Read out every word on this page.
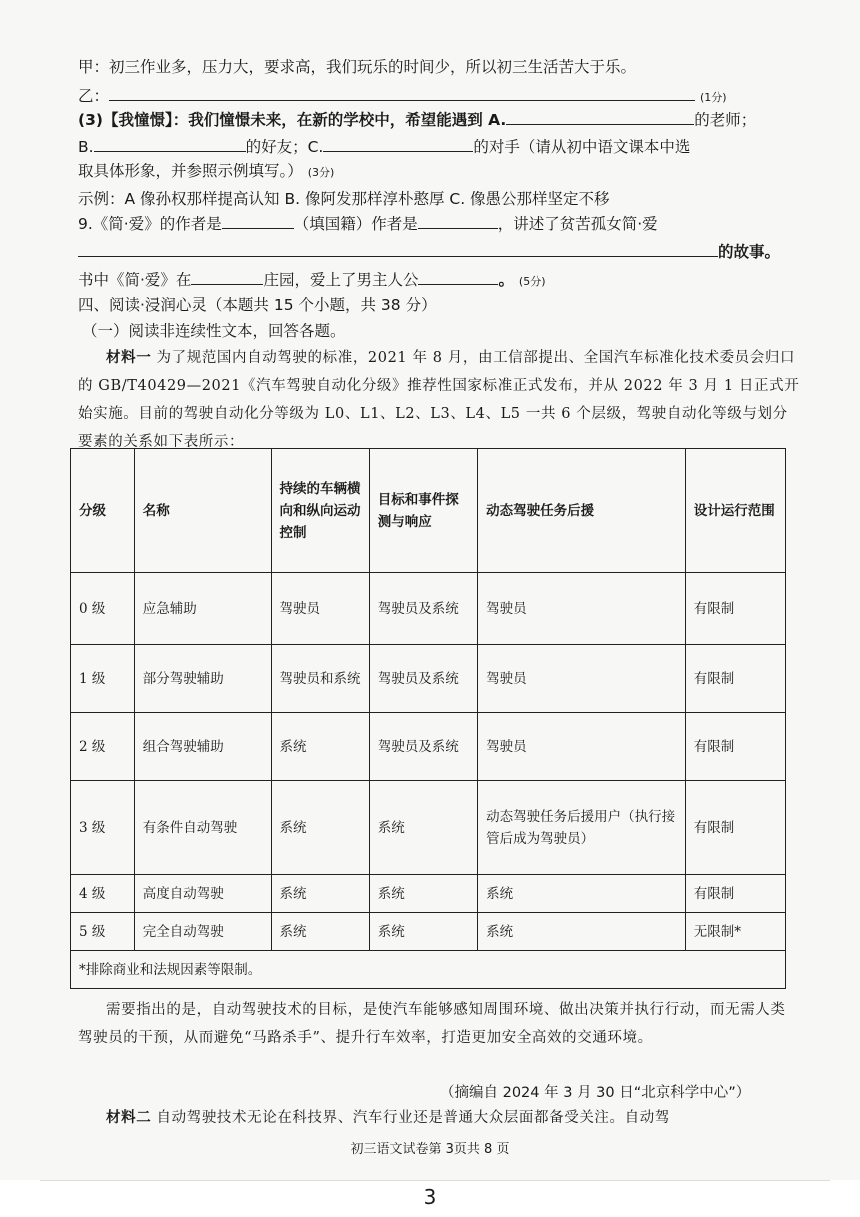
甲：初三作业多，压力大，要求高，我们玩乐的时间少，所以初三生活苦大于乐。
乙：	(1分)
(3)【我憧憬】：我们憧憬未来，在新的学校中，希望能遇到 A.	的老师；
B.	的好友；C.	的对手（请从初中语文课本中选
取具体形象，并参照示例填写。） (3分)
示例：A 像孙权那样提高认知 B. 像阿发那样淳朴憨厚 C. 像愚公那样坚定不移
9.《简·爱》的作者是	（填国籍）作者是	，讲述了贫苦孤女简·爱
的故事。
书中《简·爱》在	庄园，爱上了男主人公	。 (5分)
四、阅读·浸润心灵（本题共 15 个小题，共 38 分）
（一）阅读非连续性文本，回答各题。
材料一 为了规范国内自动驾驶的标准，2021 年 8 月，由工信部提出、全国汽车标准化技术委员会归口的 GB/T40429—2021《汽车驾驶自动化分级》推荐性国家标准正式发布，并从 2022 年 3 月 1 日正式开始实施。目前的驾驶自动化分等级为 L0、L1、L2、L3、L4、L5 一共 6 个层级，驾驶自动化等级与划分要素的关系如下表所示：
分级	名称	持续的车辆横向和纵向运动控制	目标和事件探测与响应	动态驾驶任务后援	设计运行范围
0 级	应急辅助	驾驶员	驾驶员及系统	驾驶员	有限制
1 级	部分驾驶辅助	驾驶员和系统	驾驶员及系统	驾驶员	有限制
2 级	组合驾驶辅助	系统	驾驶员及系统	驾驶员	有限制
3 级	有条件自动驾驶	系统	系统	动态驾驶任务后援用户（执行接管后成为驾驶员）	有限制
4 级	高度自动驾驶	系统	系统	系统	有限制
5 级	完全自动驾驶	系统	系统	系统	无限制*
*排除商业和法规因素等限制。					
需要指出的是，自动驾驶技术的目标，是使汽车能够感知周围环境、做出决策并执行行动，而无需人类驾驶员的干预，从而避免“马路杀手”、提升行车效率，打造更加安全高效的交通环境。
（摘编自 2024 年 3 月 30 日“北京科学中心”）
材料二 自动驾驶技术无论在科技界、汽车行业还是普通大众层面都备受关注。自动驾
初三语文试卷第 3页共 8 页
3
